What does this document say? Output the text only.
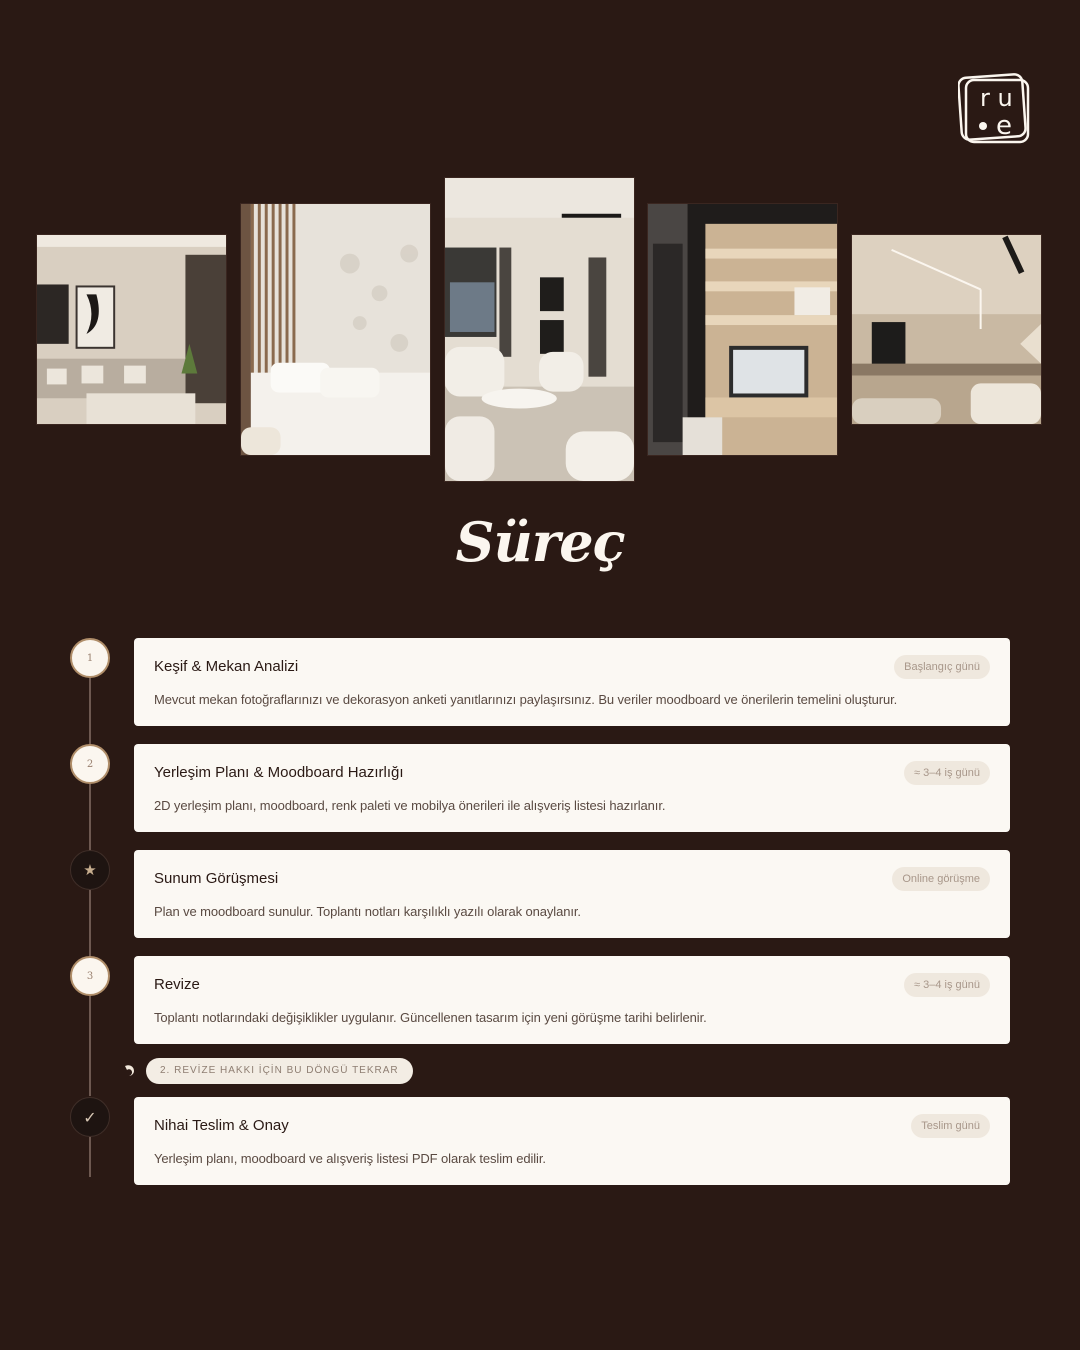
r u
e
Süreç
1	Keşif & Mekan Analizi	Başlangıç günü
Mevcut mekan fotoğraflarınızı ve dekorasyon anketi yanıtlarınızı paylaşırsınız. Bu veriler moodboard ve önerilerin temelini oluşturur.
2	Yerleşim Planı & Moodboard Hazırlığı	≈ 3–4 iş günü
2D yerleşim planı, moodboard, renk paleti ve mobilya önerileri ile alışveriş listesi hazırlanır.
★	Sunum Görüşmesi	Online görüşme
Plan ve moodboard sunulur. Toplantı notları karşılıklı yazılı olarak onaylanır.
3	Revize	≈ 3–4 iş günü
Toplantı notlarındaki değişiklikler uygulanır. Güncellenen tasarım için yeni görüşme tarihi belirlenir.
2. REVİZE HAKKI İÇİN BU DÖNGÜ TEKRAR
✓	Nihai Teslim & Onay	Teslim günü
Yerleşim planı, moodboard ve alışveriş listesi PDF olarak teslim edilir.
